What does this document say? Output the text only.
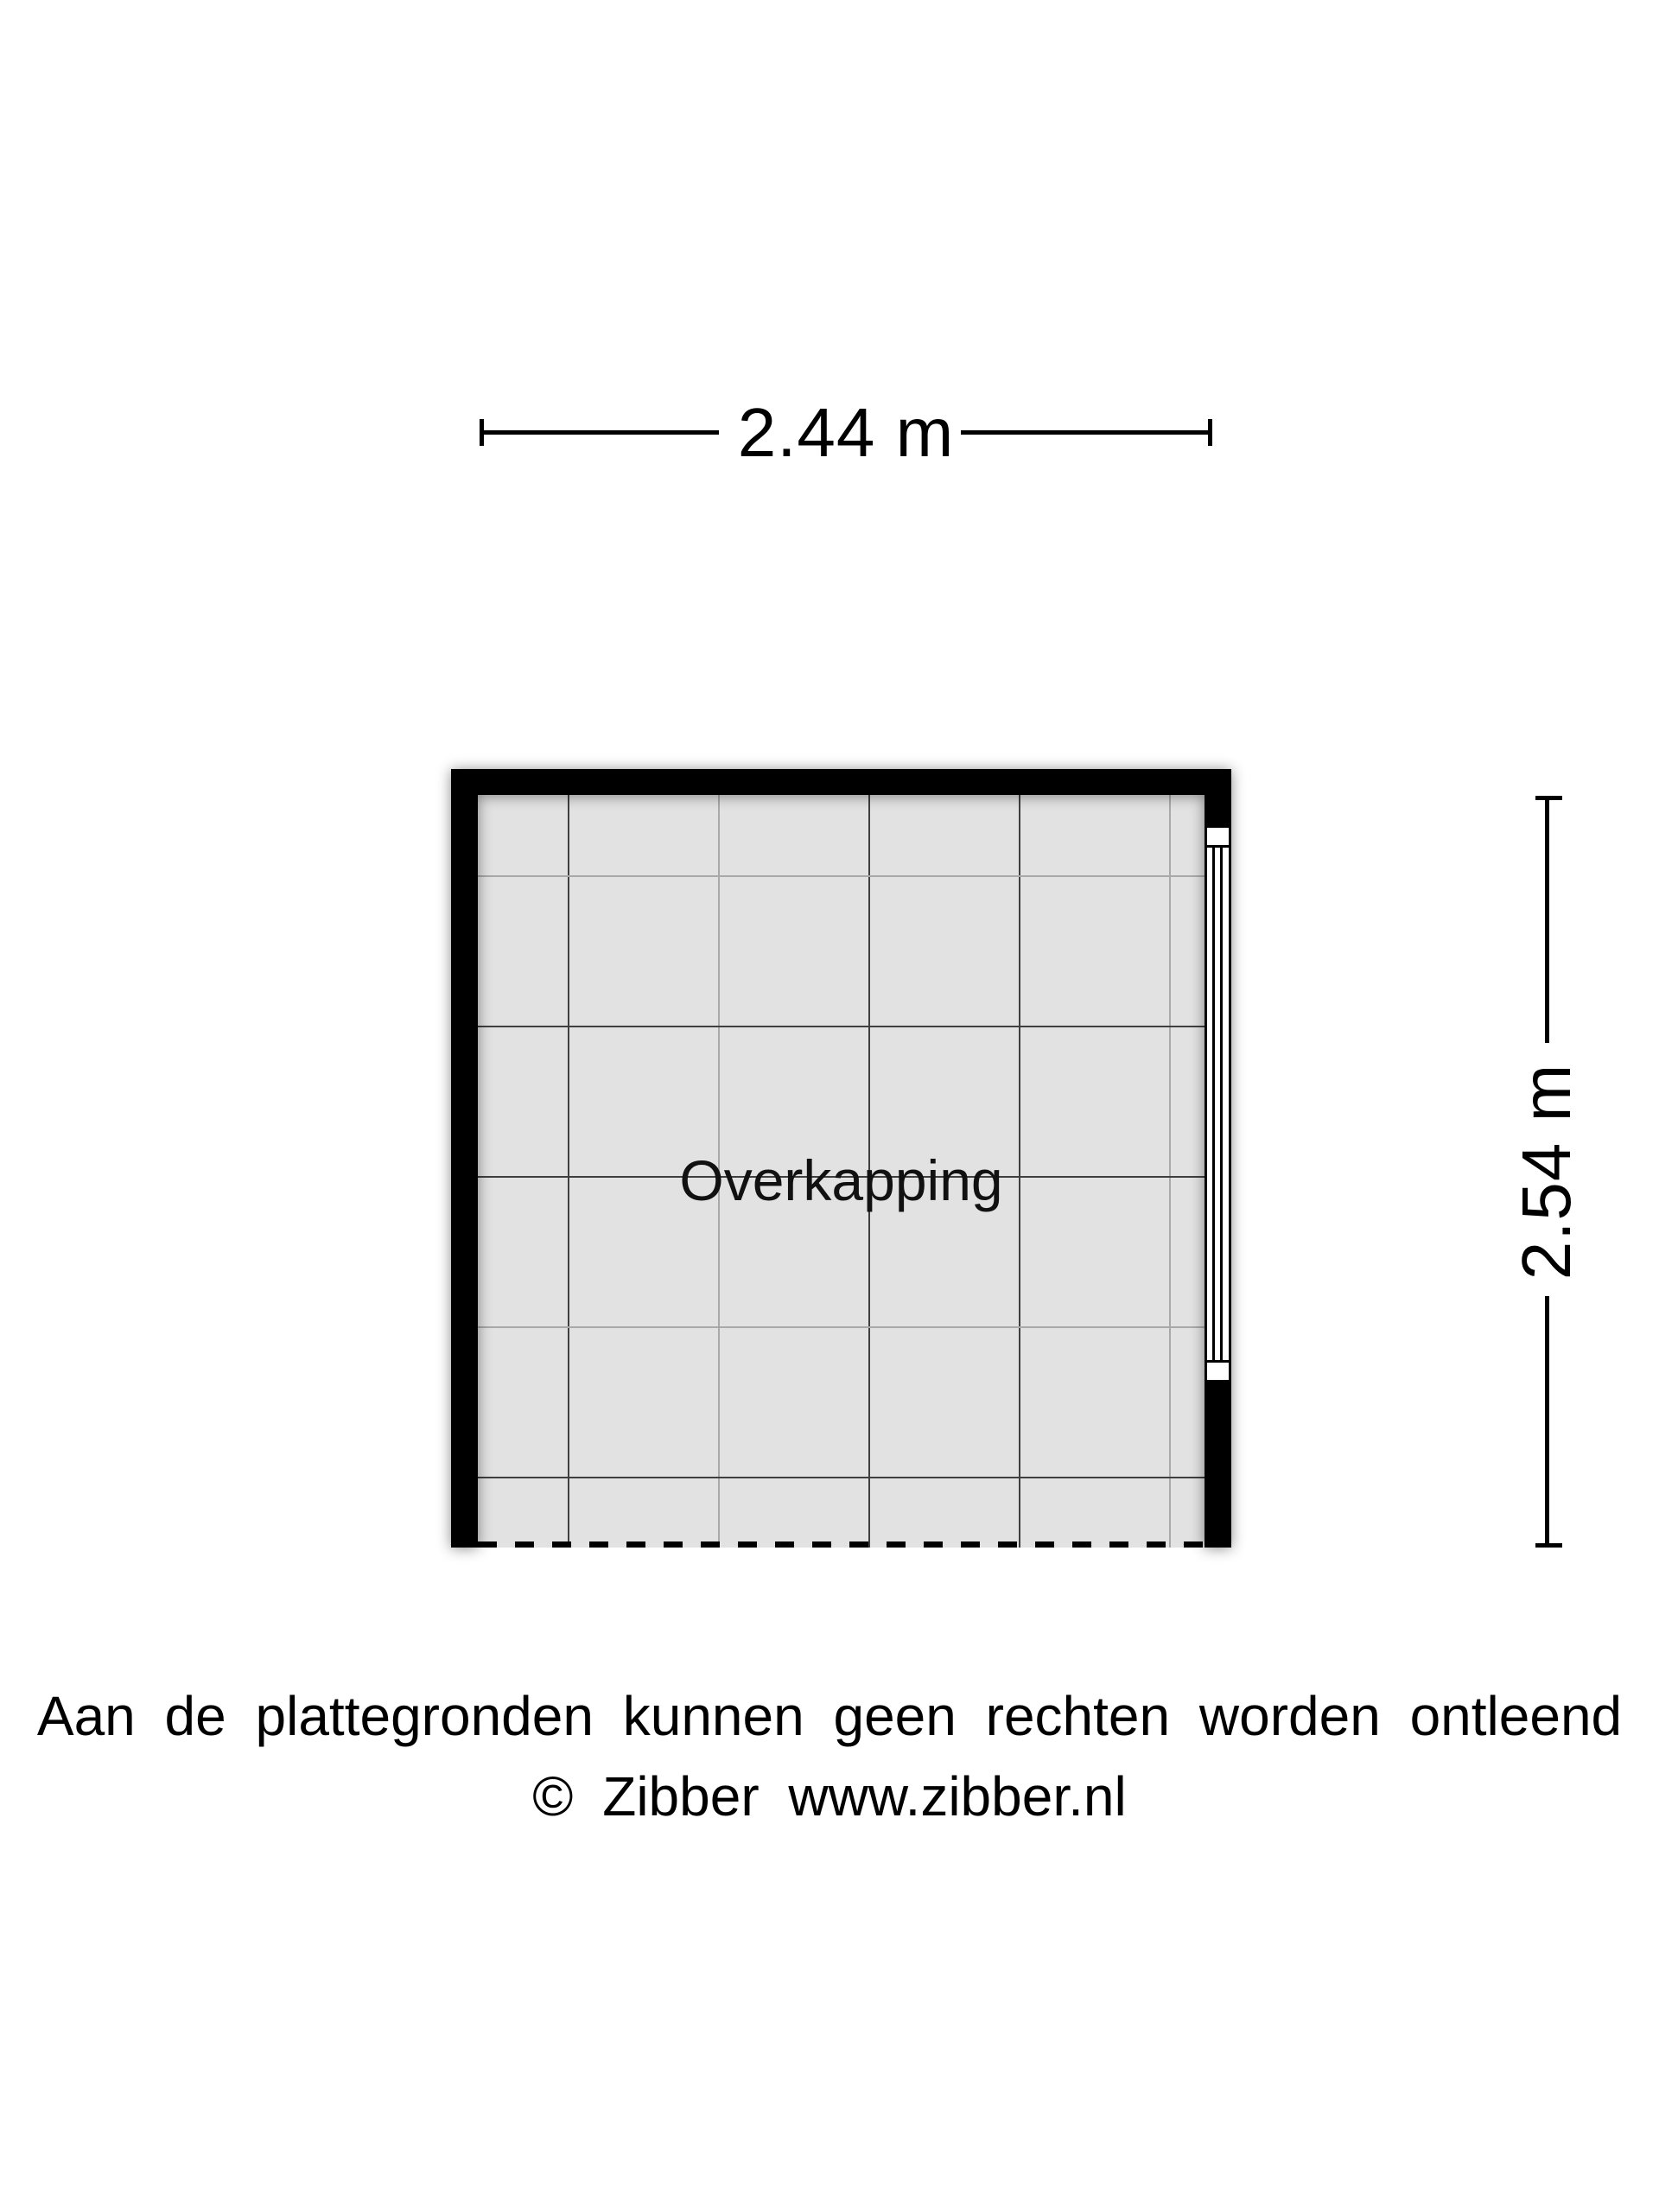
2.44 m
Overkapping	2.54 m
Aan de plattegronden kunnen geen rechten worden ontleend
© Zibber www.zibber.nl
